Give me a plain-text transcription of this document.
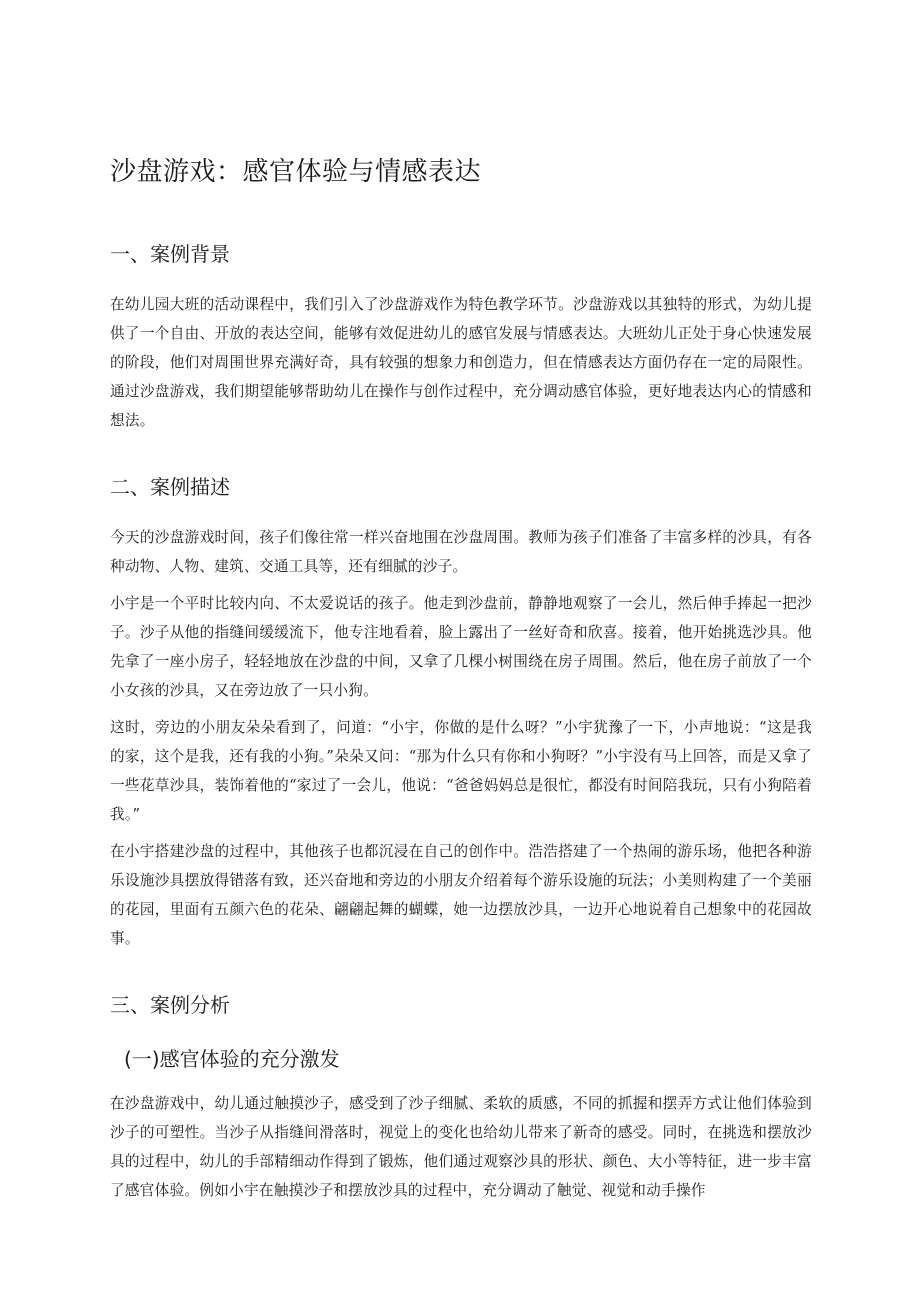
沙盘游戏：感官体验与情感表达
一、案例背景

在幼儿园大班的活动课程中，我们引入了沙盘游戏作为特色教学环节。沙盘游戏以其独特的形式，为幼儿提供了一个自由、开放的表达空间，能够有效促进幼儿的感官发展与情感表达。大班幼儿正处于身心快速发展的阶段，他们对周围世界充满好奇，具有较强的想象力和创造力，但在情感表达方面仍存在一定的局限性。通过沙盘游戏，我们期望能够帮助幼儿在操作与创作过程中，充分调动感官体验，更好地表达内心的情感和想法。

二、案例描述

今天的沙盘游戏时间，孩子们像往常一样兴奋地围在沙盘周围。教师为孩子们准备了丰富多样的沙具，有各种动物、人物、建筑、交通工具等，还有细腻的沙子。

小宇是一个平时比较内向、不太爱说话的孩子。他走到沙盘前，静静地观察了一会儿，然后伸手捧起一把沙子。沙子从他的指缝间缓缓流下，他专注地看着，脸上露出了一丝好奇和欣喜。接着，他开始挑选沙具。他先拿了一座小房子，轻轻地放在沙盘的中间，又拿了几棵小树围绕在房子周围。然后，他在房子前放了一个小女孩的沙具，又在旁边放了一只小狗。

这时，旁边的小朋友朵朵看到了，问道：“小宇，你做的是什么呀？”小宇犹豫了一下，小声地说：“这是我的家，这个是我，还有我的小狗。”朵朵又问：“那为什么只有你和小狗呀？”小宇没有马上回答，而是又拿了一些花草沙具，装饰着他的“家过了一会儿，他说：“爸爸妈妈总是很忙，都没有时间陪我玩，只有小狗陪着我。”

在小宇搭建沙盘的过程中，其他孩子也都沉浸在自己的创作中。浩浩搭建了一个热闹的游乐场，他把各种游乐设施沙具摆放得错落有致，还兴奋地和旁边的小朋友介绍着每个游乐设施的玩法；小美则构建了一个美丽的花园，里面有五颜六色的花朵、翩翩起舞的蝴蝶，她一边摆放沙具，一边开心地说着自己想象中的花园故事。

三、案例分析
(一)感官体验的充分激发

在沙盘游戏中，幼儿通过触摸沙子，感受到了沙子细腻、柔软的质感，不同的抓握和摆弄方式让他们体验到沙子的可塑性。当沙子从指缝间滑落时，视觉上的变化也给幼儿带来了新奇的感受。同时，在挑选和摆放沙具的过程中，幼儿的手部精细动作得到了锻炼，他们通过观察沙具的形状、颜色、大小等特征，进一步丰富了感官体验。例如小宇在触摸沙子和摆放沙具的过程中，充分调动了触觉、视觉和动手操作
